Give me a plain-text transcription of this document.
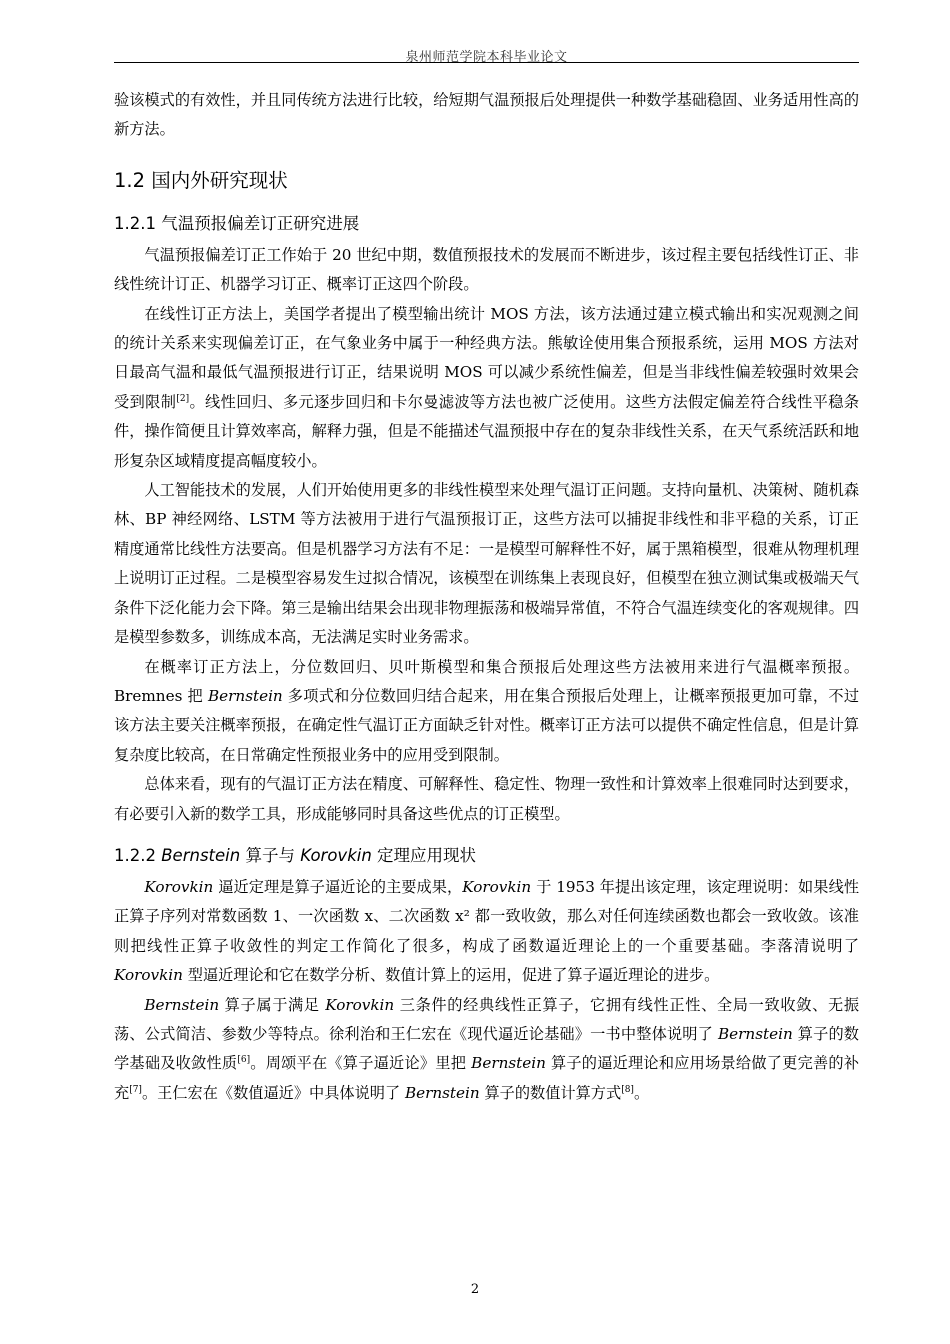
泉州师范学院本科毕业论文

验该模式的有效性，并且同传统方法进行比较，给短期气温预报后处理提供一种数学基础稳固、业务适用性高的新方法。

1.2 国内外研究现状
1.2.1 气温预报偏差订正研究进展

气温预报偏差订正工作始于 20 世纪中期，数值预报技术的发展而不断进步，该过程主要包括线性订正、非线性统计订正、机器学习订正、概率订正这四个阶段。

在线性订正方法上，美国学者提出了模型输出统计 MOS 方法，该方法通过建立模式输出和实况观测之间的统计关系来实现偏差订正，在气象业务中属于一种经典方法。熊敏诠使用集合预报系统，运用 MOS 方法对日最高气温和最低气温预报进行订正，结果说明 MOS 可以减少系统性偏差，但是当非线性偏差较强时效果会受到限制[2]。线性回归、多元逐步回归和卡尔曼滤波等方法也被广泛使用。这些方法假定偏差符合线性平稳条件，操作简便且计算效率高，解释力强，但是不能描述气温预报中存在的复杂非线性关系，在天气系统活跃和地形复杂区域精度提高幅度较小。

人工智能技术的发展，人们开始使用更多的非线性模型来处理气温订正问题。支持向量机、决策树、随机森林、BP 神经网络、LSTM 等方法被用于进行气温预报订正，这些方法可以捕捉非线性和非平稳的关系，订正精度通常比线性方法要高。但是机器学习方法有不足：一是模型可解释性不好，属于黑箱模型，很难从物理机理上说明订正过程。二是模型容易发生过拟合情况，该模型在训练集上表现良好，但模型在独立测试集或极端天气条件下泛化能力会下降。第三是输出结果会出现非物理振荡和极端异常值，不符合气温连续变化的客观规律。四是模型参数多，训练成本高，无法满足实时业务需求。

在概率订正方法上，分位数回归、贝叶斯模型和集合预报后处理这些方法被用来进行气温概率预报。Bremnes 把 Bernstein 多项式和分位数回归结合起来，用在集合预报后处理上，让概率预报更加可靠，不过该方法主要关注概率预报，在确定性气温订正方面缺乏针对性。概率订正方法可以提供不确定性信息，但是计算复杂度比较高，在日常确定性预报业务中的应用受到限制。

总体来看，现有的气温订正方法在精度、可解释性、稳定性、物理一致性和计算效率上很难同时达到要求，有必要引入新的数学工具，形成能够同时具备这些优点的订正模型。

1.2.2 Bernstein 算子与 Korovkin 定理应用现状

Korovkin 逼近定理是算子逼近论的主要成果，Korovkin 于 1953 年提出该定理，该定理说明：如果线性正算子序列对常数函数 1、一次函数 x、二次函数 x² 都一致收敛，那么对任何连续函数也都会一致收敛。该准则把线性正算子收敛性的判定工作简化了很多，构成了函数逼近理论上的一个重要基础。李落清说明了 Korovkin 型逼近理论和它在数学分析、数值计算上的运用，促进了算子逼近理论的进步。

Bernstein 算子属于满足 Korovkin 三条件的经典线性正算子，它拥有线性正性、全局一致收敛、无振荡、公式简洁、参数少等特点。徐利治和王仁宏在《现代逼近论基础》一书中整体说明了 Bernstein 算子的数学基础及收敛性质[6]。周颂平在《算子逼近论》里把 Bernstein 算子的逼近理论和应用场景给做了更完善的补充[7]。王仁宏在《数值逼近》中具体说明了 Bernstein 算子的数值计算方式[8]。

2
